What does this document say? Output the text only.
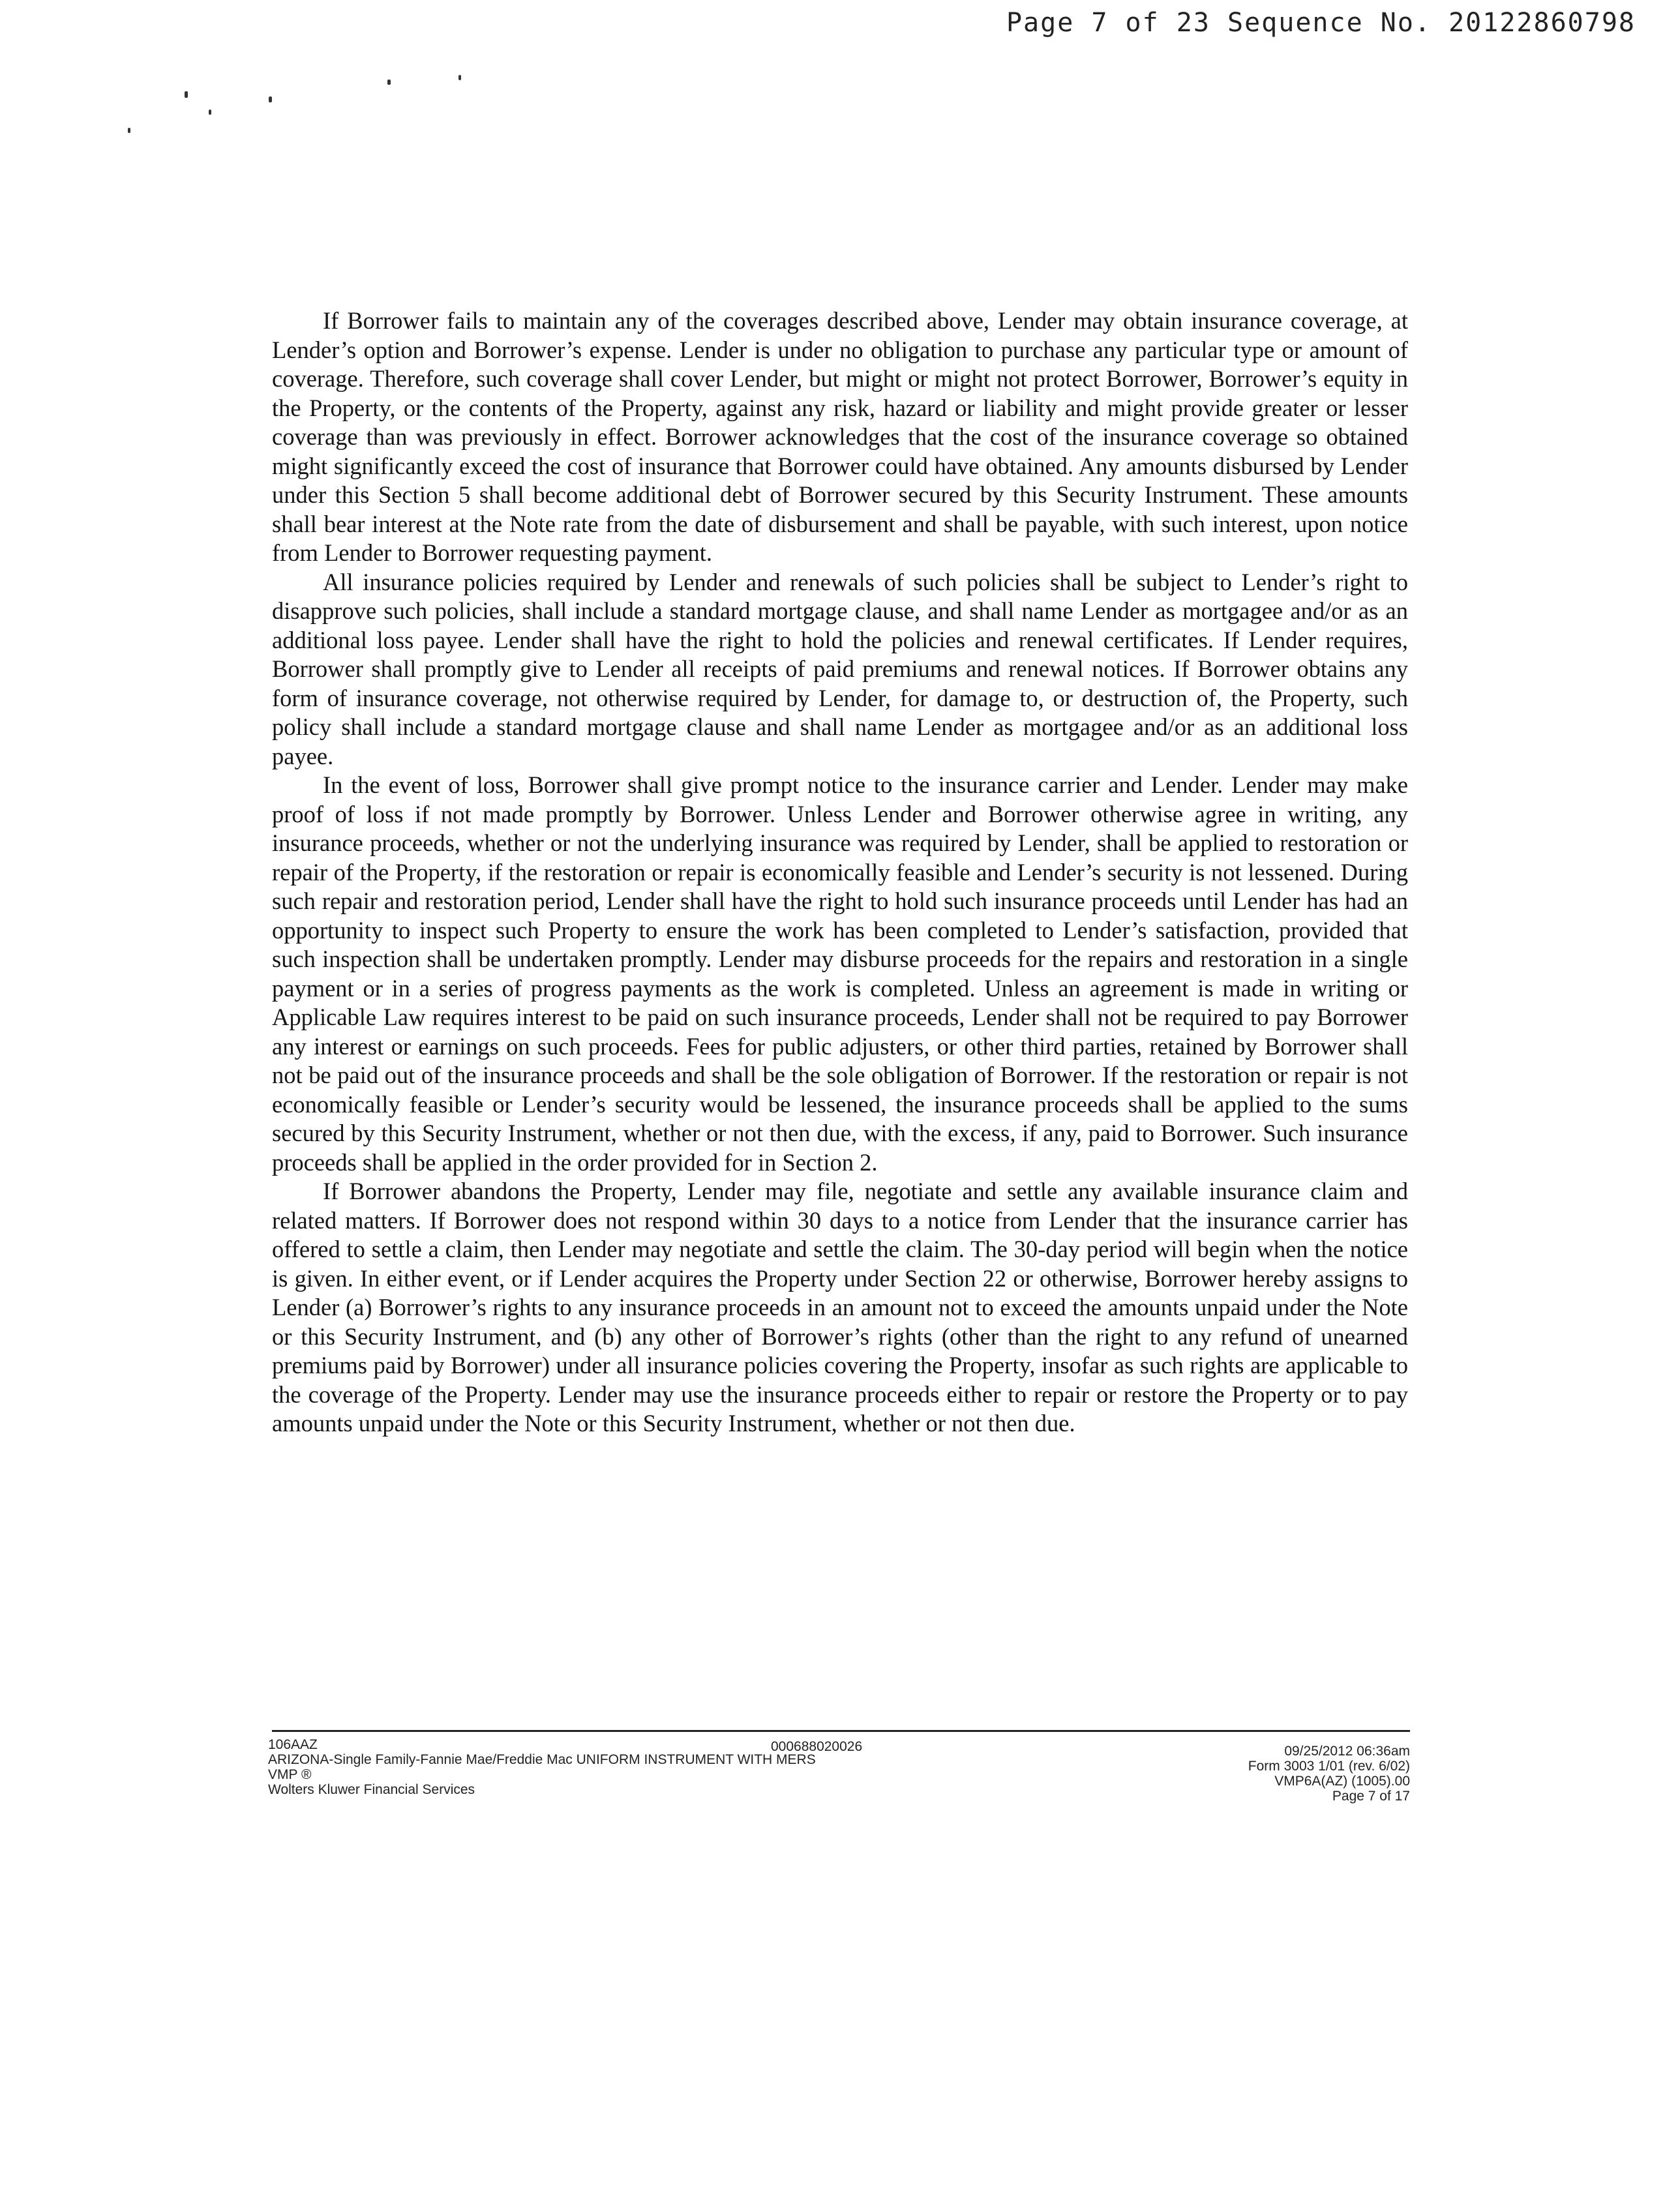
Page 7 of 23 Sequence No. 20122860798

If Borrower fails to maintain any of the coverages described above, Lender may obtain insurance coverage, at Lender’s option and Borrower’s expense. Lender is under no obligation to purchase any particular type or amount of coverage. Therefore, such coverage shall cover Lender, but might or might not protect Borrower, Borrower’s equity in the Property, or the contents of the Property, against any risk, hazard or liability and might provide greater or lesser coverage than was previously in effect. Borrower acknowledges that the cost of the insurance coverage so obtained might significantly exceed the cost of insurance that Borrower could have obtained. Any amounts disbursed by Lender under this Section 5 shall become additional debt of Borrower secured by this Security Instrument. These amounts shall bear interest at the Note rate from the date of disbursement and shall be payable, with such interest, upon notice from Lender to Borrower requesting payment.

All insurance policies required by Lender and renewals of such policies shall be subject to Lender’s right to disapprove such policies, shall include a standard mortgage clause, and shall name Lender as mortgagee and/or as an additional loss payee. Lender shall have the right to hold the policies and renewal certificates. If Lender requires, Borrower shall promptly give to Lender all receipts of paid premiums and renewal notices. If Borrower obtains any form of insurance coverage, not otherwise required by Lender, for damage to, or destruction of, the Property, such policy shall include a standard mortgage clause and shall name Lender as mortgagee and/or as an additional loss payee.

In the event of loss, Borrower shall give prompt notice to the insurance carrier and Lender. Lender may make proof of loss if not made promptly by Borrower. Unless Lender and Borrower otherwise agree in writing, any insurance proceeds, whether or not the underlying insurance was required by Lender, shall be applied to restoration or repair of the Property, if the restoration or repair is economically feasible and Lender’s security is not lessened. During such repair and restoration period, Lender shall have the right to hold such insurance proceeds until Lender has had an opportunity to inspect such Property to ensure the work has been completed to Lender’s satisfaction, provided that such inspection shall be undertaken promptly. Lender may disburse proceeds for the repairs and restoration in a single payment or in a series of progress payments as the work is completed. Unless an agreement is made in writing or Applicable Law requires interest to be paid on such insurance proceeds, Lender shall not be required to pay Borrower any interest or earnings on such proceeds. Fees for public adjusters, or other third parties, retained by Borrower shall not be paid out of the insurance proceeds and shall be the sole obligation of Borrower. If the restoration or repair is not economically feasible or Lender’s security would be lessened, the insurance proceeds shall be applied to the sums secured by this Security Instrument, whether or not then due, with the excess, if any, paid to Borrower. Such insurance proceeds shall be applied in the order provided for in Section 2.

If Borrower abandons the Property, Lender may file, negotiate and settle any available insurance claim and related matters. If Borrower does not respond within 30 days to a notice from Lender that the insurance carrier has offered to settle a claim, then Lender may negotiate and settle the claim. The 30-day period will begin when the notice is given. In either event, or if Lender acquires the Property under Section 22 or otherwise, Borrower hereby assigns to Lender (a) Borrower’s rights to any insurance proceeds in an amount not to exceed the amounts unpaid under the Note or this Security Instrument, and (b) any other of Borrower’s rights (other than the right to any refund of unearned premiums paid by Borrower) under all insurance policies covering the Property, insofar as such rights are applicable to the coverage of the Property. Lender may use the insurance proceeds either to repair or restore the Property or to pay amounts unpaid under the Note or this Security Instrument, whether or not then due.

106AAZ
ARIZONA-Single Family-Fannie Mae/Freddie Mac UNIFORM INSTRUMENT WITH MERS
VMP ®
Wolters Kluwer Financial Services
000688020026	09/25/2012 06:36am
Form 3003 1/01 (rev. 6/02)
VMP6A(AZ) (1005).00
Page 7 of 17
